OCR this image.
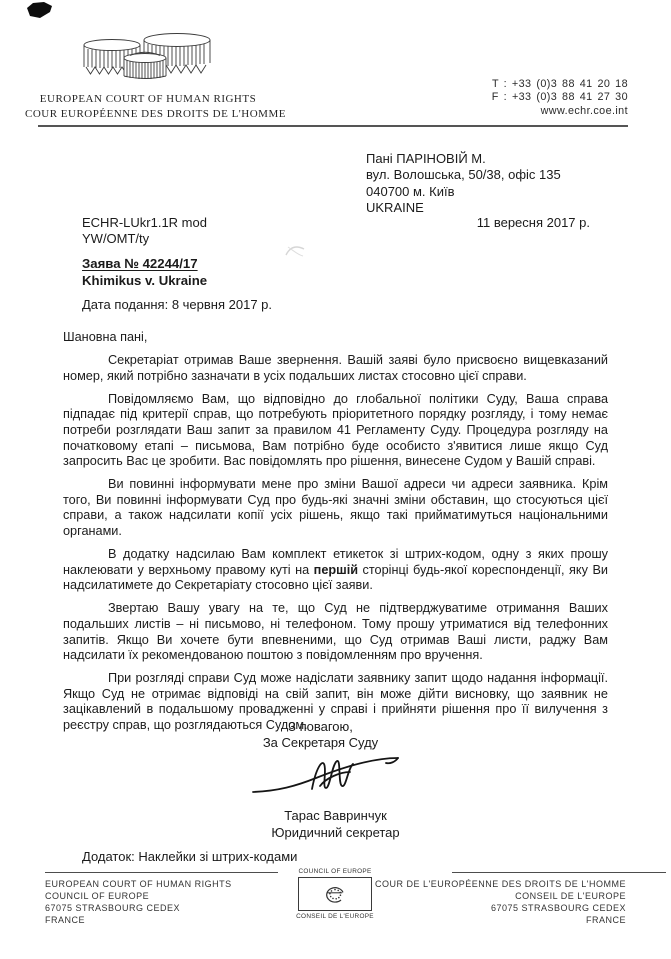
EUROPEAN COURT OF HUMAN RIGHTS
COUR EUROPÉENNE DES DROITS DE L'HOMME
T : +33 (0)3 88 41 20 18
F : +33 (0)3 88 41 27 30
www.echr.coe.int
Пані ПАРІНОВІЙ М.
вул. Волошська, 50/38, офіс 135
040700 м. Київ
UKRAINE
ECHR-LUkr1.1R mod
YW/OMT/ty
11 вересня 2017 р.
Заява № 42244/17
Khimikus v. Ukraine
Дата подання: 8 червня 2017 р.

Шановна пані,

Секретаріат отримав Ваше звернення. Вашій заяві було присвоєно вищевказаний номер, який потрібно зазначати в усіх подальших листах стосовно цієї справи.

Повідомляємо Вам, що відповідно до глобальної політики Суду, Ваша справа підпадає під критерії справ, що потребують пріоритетного порядку розгляду, і тому немає потреби розглядати Ваш запит за правилом 41 Регламенту Суду. Процедура розгляду на початковому етапі – письмова, Вам потрібно буде особисто з'явитися лише якщо Суд запросить Вас це зробити. Вас повідомлять про рішення, винесене Судом у Вашій справі.

Ви повинні інформувати мене про зміни Вашої адреси чи адреси заявника. Крім того, Ви повинні інформувати Суд про будь-які значні зміни обставин, що стосуються цієї справи, а також надсилати копії усіх рішень, якщо такі прийматимуться національними органами.

В додатку надсилаю Вам комплект етикеток зі штрих-кодом, одну з яких прошу наклеювати у верхньому правому куті на першій сторінці будь-якої кореспонденції, яку Ви надсилатимете до Секретаріату стосовно цієї заяви.

Звертаю Вашу увагу на те, що Суд не підтверджуватиме отримання Ваших подальших листів – ні письмово, ні телефоном. Тому прошу утриматися від телефонних запитів. Якщо Ви хочете бути впевненими, що Суд отримав Ваші листи, раджу Вам надсилати їх рекомендованою поштою з повідомленням про вручення.

При розгляді справи Суд може надіслати заявнику запит щодо надання інформації. Якщо Суд не отримає відповіді на свій запит, він може дійти висновку, що заявник не зацікавлений в подальшому провадженні у справі і прийняти рішення про її вилучення з реєстру справ, що розглядаються Судом.

З повагою,
За Секретаря Суду
Тарас Вавринчук
Юридичний секретар
Додаток: Наклейки зі штрих-кодами
EUROPEAN COURT OF HUMAN RIGHTS
COUNCIL OF EUROPE
67075 STRASBOURG CEDEX
FRANCE
COUNCIL OF EUROPE
CONSEIL DE L'EUROPE
COUR DE L'EUROPÉENNE DES DROITS DE L'HOMME
CONSEIL DE L'EUROPE
67075 STRASBOURG CEDEX
FRANCE
